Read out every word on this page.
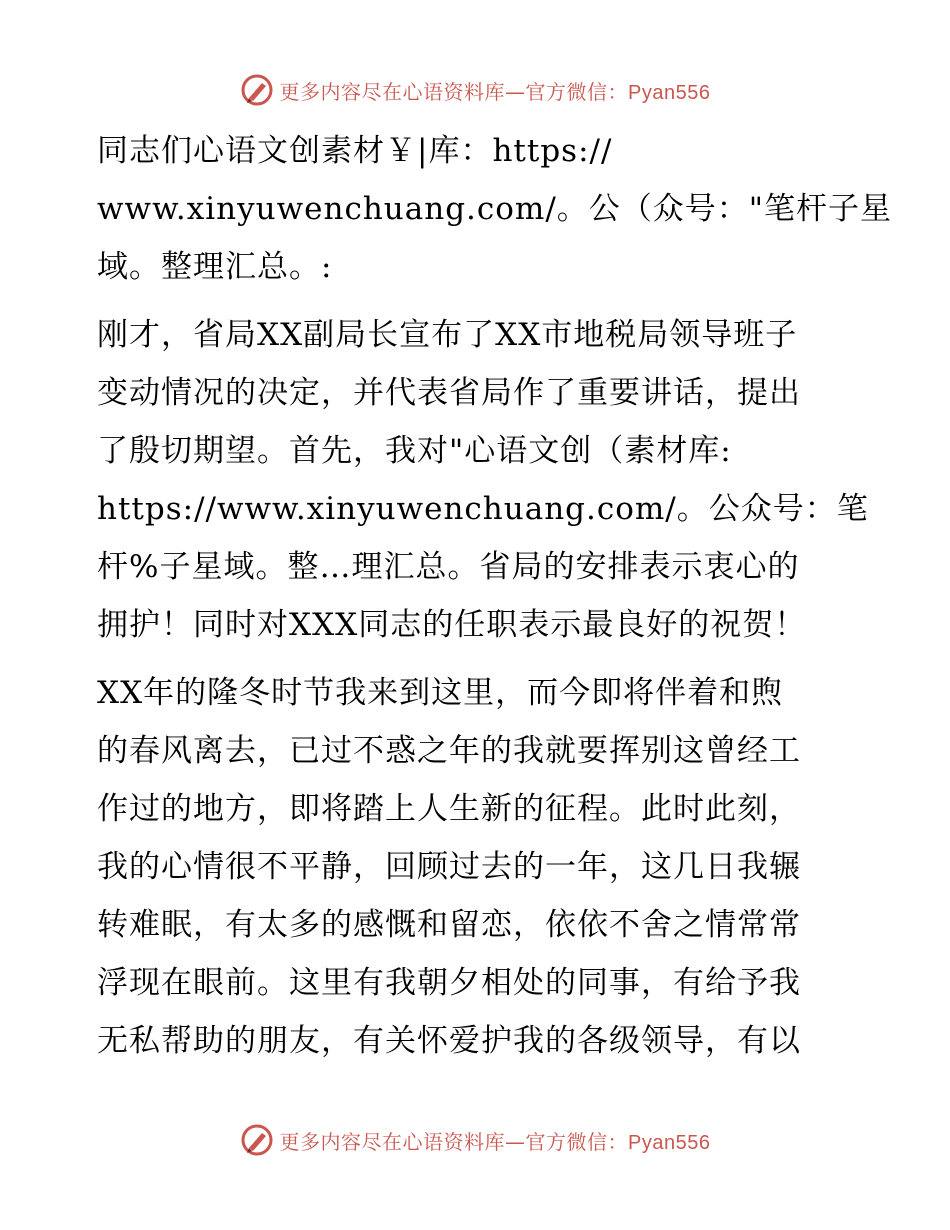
更多内容尽在心语资料库—官方微信：Pyan556
同志们心语文创素材￥|库：https://
www.xinyuwenchuang.com/。公（众号："笔杆子星
域。整理汇总。:
刚才，省局XX副局长宣布了XX市地税局领导班子
变动情况的决定，并代表省局作了重要讲话，提出
了殷切期望。首先，我对"心语文创（素材库:
https://www.xinyuwenchuang.com/。公众号：笔
杆%子星域。整…理汇总。省局的安排表示衷心的
拥护！同时对XXX同志的任职表示最良好的祝贺！
XX年的隆冬时节我来到这里，而今即将伴着和煦
的春风离去，已过不惑之年的我就要挥别这曾经工
作过的地方，即将踏上人生新的征程。此时此刻，
我的心情很不平静，回顾过去的一年，这几日我辗
转难眠，有太多的感慨和留恋，依依不舍之情常常
浮现在眼前。这里有我朝夕相处的同事，有给予我
无私帮助的朋友，有关怀爱护我的各级领导，有以
更多内容尽在心语资料库—官方微信：Pyan556
